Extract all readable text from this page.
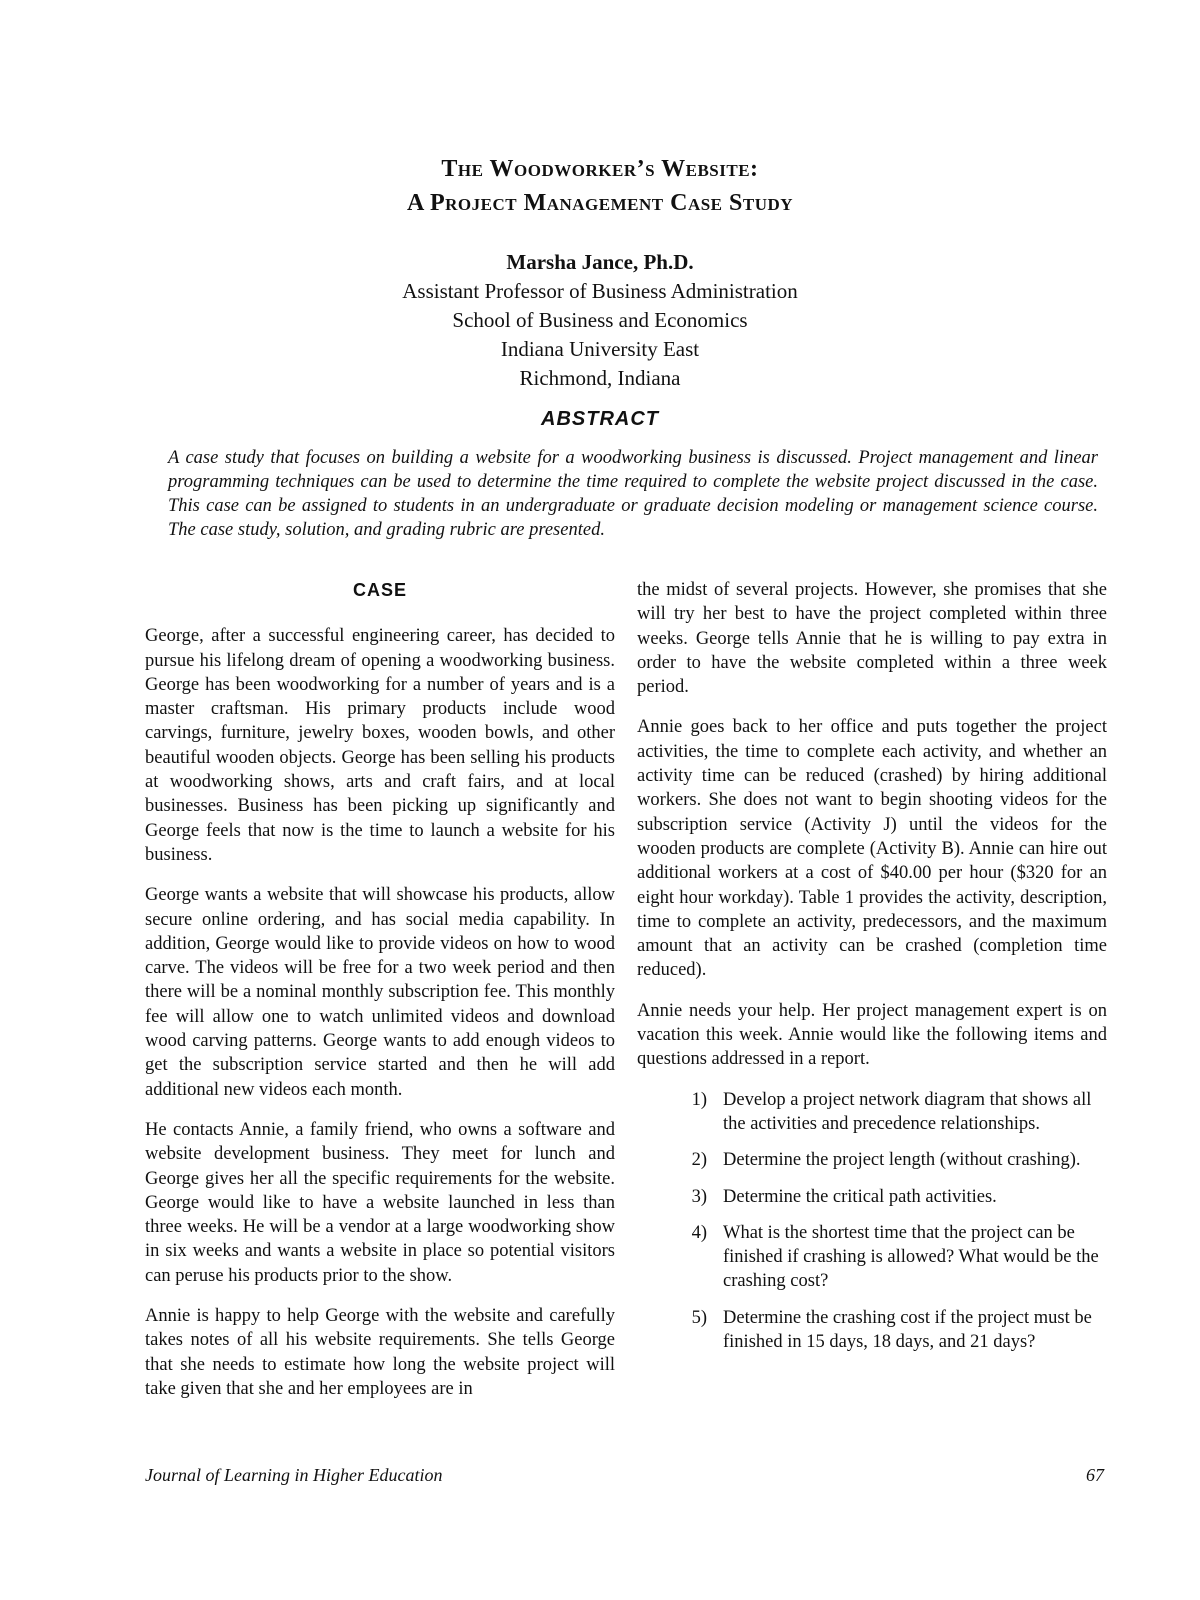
The Woodworker’s Website:
A Project Management Case Study
Marsha Jance, Ph.D.
Assistant Professor of Business Administration
School of Business and Economics
Indiana University East
Richmond, Indiana
ABSTRACT
A case study that focuses on building a website for a woodworking business is discussed. Project management and linear programming techniques can be used to determine the time required to complete the website project discussed in the case. This case can be assigned to students in an undergraduate or graduate decision modeling or management science course. The case study, solution, and grading rubric are presented.
CASE

George, after a successful engineering career, has decided to pursue his lifelong dream of opening a woodworking business. George has been woodworking for a number of years and is a master craftsman. His primary products include wood carvings, furniture, jewelry boxes, wooden bowls, and other beautiful wooden objects. George has been selling his products at woodworking shows, arts and craft fairs, and at local businesses. Business has been picking up significantly and George feels that now is the time to launch a website for his business.

George wants a website that will showcase his products, allow secure online ordering, and has social media capability. In addition, George would like to provide videos on how to wood carve. The videos will be free for a two week period and then there will be a nominal monthly subscription fee. This monthly fee will allow one to watch unlimited videos and download wood carving patterns. George wants to add enough videos to get the subscription service started and then he will add additional new videos each month.

He contacts Annie, a family friend, who owns a software and website development business. They meet for lunch and George gives her all the specific requirements for the website. George would like to have a website launched in less than three weeks. He will be a vendor at a large woodworking show in six weeks and wants a website in place so potential visitors can peruse his products prior to the show.

Annie is happy to help George with the website and carefully takes notes of all his website requirements. She tells George that she needs to estimate how long the website project will take given that she and her employees are in

the midst of several projects. However, she promises that she will try her best to have the project completed within three weeks. George tells Annie that he is willing to pay extra in order to have the website completed within a three week period.

Annie goes back to her office and puts together the project activities, the time to complete each activity, and whether an activity time can be reduced (crashed) by hiring additional workers. She does not want to begin shooting videos for the subscription service (Activity J) until the videos for the wooden products are complete (Activity B). Annie can hire out additional workers at a cost of $40.00 per hour ($320 for an eight hour workday). Table 1 provides the activity, description, time to complete an activity, predecessors, and the maximum amount that an activity can be crashed (completion time reduced).

Annie needs your help. Her project management expert is on vacation this week. Annie would like the following items and questions addressed in a report.

1) Develop a project network diagram that shows all the activities and precedence relationships.
2) Determine the project length (without crashing).
3) Determine the critical path activities.
4) What is the shortest time that the project can be finished if crashing is allowed? What would be the crashing cost?
5) Determine the crashing cost if the project must be finished in 15 days, 18 days, and 21 days?
Journal of Learning in Higher Education	67
